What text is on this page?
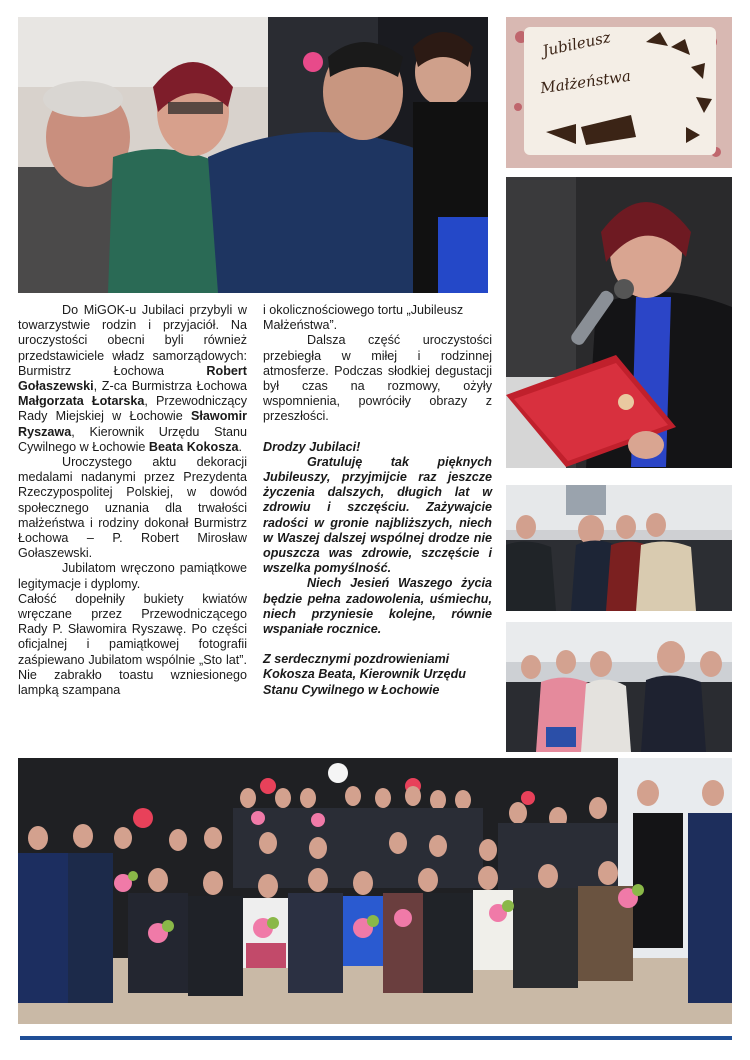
Jubileusz
Małżeństwa

Do MiGOK-u Jubilaci przybyli w towarzystwie rodzin i przyjaciół. Na uroczystości obecni byli również przedstawiciele władz samorządowych: Burmistrz Łochowa Robert Gołaszewski, Z-ca Burmistrza Łochowa Małgorzata Łotarska, Przewodniczący Rady Miejskiej w Łochowie Sławomir Ryszawa, Kierownik Urzędu Stanu Cywilnego w Łochowie Beata Kokosza.

Uroczystego aktu dekoracji medalami nadanymi przez Prezydenta Rzeczypospolitej Polskiej, w dowód społecznego uznania dla trwałości małżeństwa i rodziny dokonał Burmistrz Łochowa – P. Robert Mirosław Gołaszewski.

Jubilatom wręczono pamiątkowe legitymacje i dyplomy.

Całość dopełniły bukiety kwiatów wręczane przez Przewodniczącego Rady P. Sławomira Ryszawę. Po części oficjalnej i pamiątkowej fotografii zaśpiewano Jubilatom wspólnie „Sto lat”. Nie zabrakło toastu wzniesionego lampką szampana

i okolicznościowego tortu „Jubileusz Małżeństwa”.

Dalsza część uroczystości przebiegła w miłej i rodzinnej atmosferze. Podczas słodkiej degustacji był czas na rozmowy, ożyły wspomnienia, powróciły obrazy z przeszłości.

Drodzy Jubilaci!

Gratuluję tak pięknych Jubileuszy, przyjmijcie raz jeszcze życzenia dalszych, długich lat w zdrowiu i szczęściu. Zażywajcie radości w gronie najbliższych, niech w Waszej dalszej wspólnej drodze nie opuszcza was zdrowie, szczęście i wszelka pomyślność.

Niech Jesień Waszego życia będzie pełna zadowolenia, uśmiechu, niech przyniesie kolejne, równie wspaniałe rocznice.

Z serdecznymi pozdrowieniami Kokosza Beata, Kierownik Urzędu Stanu Cywilnego w Łochowie
